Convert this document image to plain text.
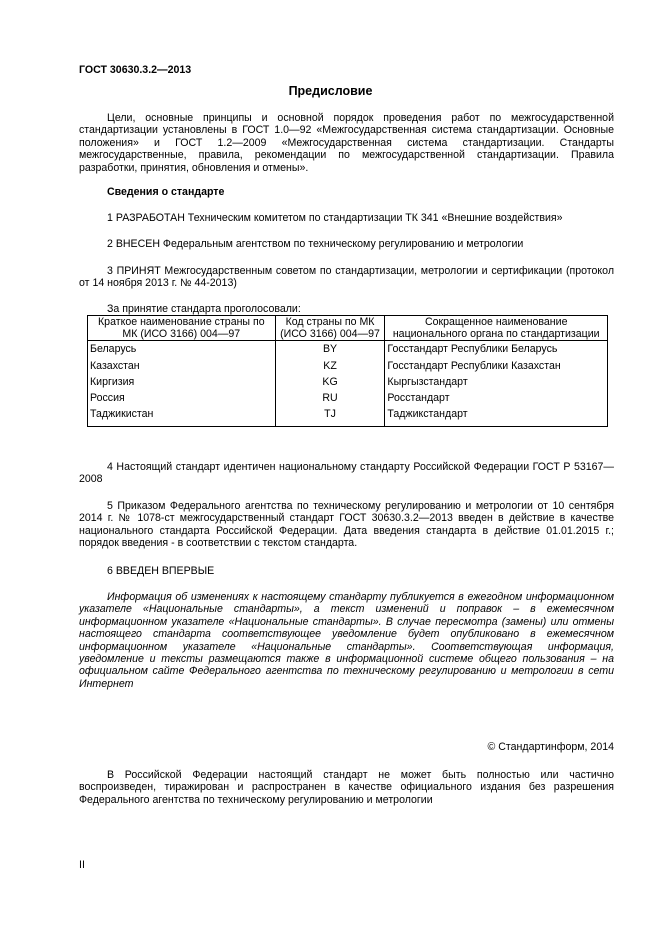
ГОСТ 30630.3.2—2013
Предисловие

Цели, основные принципы и основной порядок проведения работ по межгосударственной стандартизации установлены в ГОСТ 1.0—92 «Межгосударственная система стандартизации. Основные положения» и ГОСТ 1.2—2009 «Межгосударственная система стандартизации. Стандарты межгосударственные, правила, рекомендации по межгосударственной стандартизации. Правила разработки, принятия, обновления и отмены».

Сведения о стандарте

1 РАЗРАБОТАН Техническим комитетом по стандартизации ТК 341 «Внешние воздействия»

2 ВНЕСЕН Федеральным агентством по техническому регулированию и метрологии

3 ПРИНЯТ Межгосударственным советом по стандартизации, метрологии и сертификации (протокол от 14 ноября 2013 г. № 44-2013)

За принятие стандарта проголосовали:

Краткое наименование страны по МК (ИСО 3166) 004—97	Код страны по МК (ИСО 3166) 004—97	Сокращенное наименование национального органа по стандартизации
Беларусь	BY	Госстандарт Республики Беларусь
Казахстан	KZ	Госстандарт Республики Казахстан
Киргизия	KG	Кыргызстандарт
Россия	RU	Росстандарт
Таджикистан	TJ	Таджикстандарт

4 Настоящий стандарт идентичен национальному стандарту Российской Федерации ГОСТ Р 53167—2008

5 Приказом Федерального агентства по техническому регулированию и метрологии от 10 сентября 2014 г. № 1078-ст межгосударственный стандарт ГОСТ 30630.3.2—2013 введен в действие в качестве национального стандарта Российской Федерации. Дата введения стандарта в действие 01.01.2015 г.; порядок введения - в соответствии с текстом стандарта.

6 ВВЕДЕН ВПЕРВЫЕ

Информация об изменениях к настоящему стандарту публикуется в ежегодном информационном указателе «Национальные стандарты», а текст изменений и поправок – в ежемесячном информационном указателе «Национальные стандарты». В случае пересмотра (замены) или отмены настоящего стандарта соответствующее уведомление будет опубликовано в ежемесячном информационном указателе «Национальные стандарты». Соответствующая информация, уведомление и тексты размещаются также в информационной системе общего пользования – на официальном сайте Федерального агентства по техническому регулированию и метрологии в сети Интернет

© Стандартинформ, 2014

В Российской Федерации настоящий стандарт не может быть полностью или частично воспроизведен, тиражирован и распространен в качестве официального издания без разрешения Федерального агентства по техническому регулированию и метрологии

II
